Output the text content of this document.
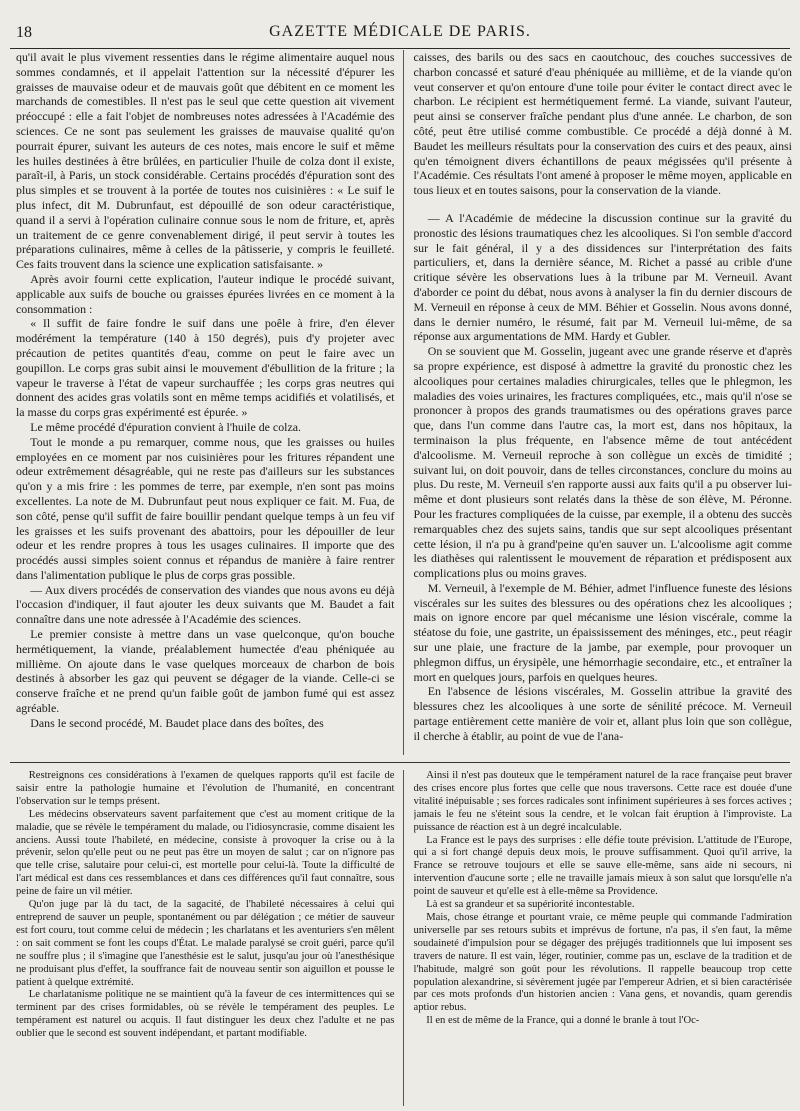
18	GAZETTE MÉDICALE DE PARIS.

qu'il avait le plus vivement ressenties dans le régime alimentaire auquel nous sommes condamnés, et il appelait l'attention sur la nécessité d'épurer les graisses de mauvaise odeur et de mauvais goût que débitent en ce moment les marchands de comestibles. Il n'est pas le seul que cette question ait vivement préoccupé : elle a fait l'objet de nombreuses notes adressées à l'Académie des sciences. Ce ne sont pas seulement les graisses de mauvaise qualité qu'on pourrait épurer, suivant les auteurs de ces notes, mais encore le suif et même les huiles destinées à être brûlées, en particulier l'huile de colza dont il existe, paraît-il, à Paris, un stock considérable. Certains procédés d'épuration sont des plus simples et se trouvent à la portée de toutes nos cuisinières : « Le suif le plus infect, dit M. Dubrunfaut, est dépouillé de son odeur caractéristique, quand il a servi à l'opération culinaire connue sous le nom de friture, et, après un traitement de ce genre convenablement dirigé, il peut servir à toutes les préparations culinaires, même à celles de la pâtisserie, y compris le feuilleté. Ces faits trouvent dans la science une explication satisfaisante. »

Après avoir fourni cette explication, l'auteur indique le procédé suivant, applicable aux suifs de bouche ou graisses épurées livrées en ce moment à la consommation :

« Il suffit de faire fondre le suif dans une poêle à frire, d'en élever modérément la température (140 à 150 degrés), puis d'y projeter avec précaution de petites quantités d'eau, comme on peut le faire avec un goupillon. Le corps gras subit ainsi le mouvement d'ébullition de la friture ; la vapeur le traverse à l'état de vapeur surchauffée ; les corps gras neutres qui donnent des acides gras volatils sont en même temps acidifiés et volatilisés, et la masse du corps gras expérimenté est épurée. »

Le même procédé d'épuration convient à l'huile de colza.

Tout le monde a pu remarquer, comme nous, que les graisses ou huiles employées en ce moment par nos cuisinières pour les fritures répandent une odeur extrêmement désagréable, qui ne reste pas d'ailleurs sur les substances qu'on y a mis frire : les pommes de terre, par exemple, n'en sont pas moins excellentes. La note de M. Dubrunfaut peut nous expliquer ce fait. M. Fua, de son côté, pense qu'il suffit de faire bouillir pendant quelque temps à un feu vif les graisses et les suifs provenant des abattoirs, pour les dépouiller de leur odeur et les rendre propres à tous les usages culinaires. Il importe que des procédés aussi simples soient connus et répandus de manière à faire rentrer dans l'alimentation publique le plus de corps gras possible.

— Aux divers procédés de conservation des viandes que nous avons eu déjà l'occasion d'indiquer, il faut ajouter les deux suivants que M. Baudet a fait connaître dans une note adressée à l'Académie des sciences.

Le premier consiste à mettre dans un vase quelconque, qu'on bouche hermétiquement, la viande, préalablement humectée d'eau phéniquée au millième. On ajoute dans le vase quelques morceaux de charbon de bois destinés à absorber les gaz qui peuvent se dégager de la viande. Celle-ci se conserve fraîche et ne prend qu'un faible goût de jambon fumé qui est assez agréable.

Dans le second procédé, M. Baudet place dans des boîtes, des

caisses, des barils ou des sacs en caoutchouc, des couches successives de charbon concassé et saturé d'eau phéniquée au millième, et de la viande qu'on veut conserver et qu'on entoure d'une toile pour éviter le contact direct avec le charbon. Le récipient est hermétiquement fermé. La viande, suivant l'auteur, peut ainsi se conserver fraîche pendant plus d'une année. Le charbon, de son côté, peut être utilisé comme combustible. Ce procédé a déjà donné à M. Baudet les meilleurs résultats pour la conservation des cuirs et des peaux, ainsi qu'en témoignent divers échantillons de peaux mégissées qu'il présente à l'Académie. Ces résultats l'ont amené à proposer le même moyen, applicable en tous lieux et en toutes saisons, pour la conservation de la viande.

— A l'Académie de médecine la discussion continue sur la gravité du pronostic des lésions traumatiques chez les alcooliques. Si l'on semble d'accord sur le fait général, il y a des dissidences sur l'interprétation des faits particuliers, et, dans la dernière séance, M. Richet a passé au crible d'une critique sévère les observations lues à la tribune par M. Verneuil. Avant d'aborder ce point du débat, nous avons à analyser la fin du dernier discours de M. Verneuil en réponse à ceux de MM. Béhier et Gosselin. Nous avons donné, dans le dernier numéro, le résumé, fait par M. Verneuil lui-même, de sa réponse aux argumentations de MM. Hardy et Gubler.

On se souvient que M. Gosselin, jugeant avec une grande réserve et d'après sa propre expérience, est disposé à admettre la gravité du pronostic chez les alcooliques pour certaines maladies chirurgicales, telles que le phlegmon, les maladies des voies urinaires, les fractures compliquées, etc., mais qu'il n'ose se prononcer à propos des grands traumatismes ou des opérations graves parce que, dans l'un comme dans l'autre cas, la mort est, dans nos hôpitaux, la terminaison la plus fréquente, en l'absence même de tout antécédent d'alcoolisme. M. Verneuil reproche à son collègue un excès de timidité ; suivant lui, on doit pouvoir, dans de telles circonstances, conclure du moins au plus. Du reste, M. Verneuil s'en rapporte aussi aux faits qu'il a pu observer lui-même et dont plusieurs sont relatés dans la thèse de son élève, M. Péronne. Pour les fractures compliquées de la cuisse, par exemple, il a obtenu des succès remarquables chez des sujets sains, tandis que sur sept alcooliques présentant cette lésion, il n'a pu à grand'peine qu'en sauver un. L'alcoolisme agit comme les diathèses qui ralentissent le mouvement de réparation et prédisposent aux complications plus ou moins graves.

M. Verneuil, à l'exemple de M. Béhier, admet l'influence funeste des lésions viscérales sur les suites des blessures ou des opérations chez les alcooliques ; mais on ignore encore par quel mécanisme une lésion viscérale, comme la stéatose du foie, une gastrite, un épaississement des méninges, etc., peut réagir sur une plaie, une fracture de la jambe, par exemple, pour provoquer un phlegmon diffus, un érysipèle, une hémorrhagie secondaire, etc., et entraîner la mort en quelques jours, parfois en quelques heures.

En l'absence de lésions viscérales, M. Gosselin attribue la gravité des blessures chez les alcooliques à une sorte de sénilité précoce. M. Verneuil partage entièrement cette manière de voir et, allant plus loin que son collègue, il cherche à établir, au point de vue de l'ana-

Restreignons ces considérations à l'examen de quelques rapports qu'il est facile de saisir entre la pathologie humaine et l'évolution de l'humanité, en concentrant l'observation sur le temps présent.

Les médecins observateurs savent parfaitement que c'est au moment critique de la maladie, que se révèle le tempérament du malade, ou l'idiosyncrasie, comme disaient les anciens. Aussi toute l'habileté, en médecine, consiste à provoquer la crise ou à la prévenir, selon qu'elle peut ou ne peut pas être un moyen de salut ; car on n'ignore pas que telle crise, salutaire pour celui-ci, est mortelle pour celui-là. Toute la difficulté de l'art médical est dans ces ressemblances et dans ces différences qu'il faut connaître, sous peine de faire un vil métier.

Qu'on juge par là du tact, de la sagacité, de l'habileté nécessaires à celui qui entreprend de sauver un peuple, spontanément ou par délégation ; ce métier de sauveur est fort couru, tout comme celui de médecin ; les charlatans et les aventuriers s'en mêlent : on sait comment se font les coups d'État. Le malade paralysé se croit guéri, parce qu'il ne souffre plus ; il s'imagine que l'anesthésie est le salut, jusqu'au jour où l'anesthésique ne produisant plus d'effet, la souffrance fait de nouveau sentir son aiguillon et pousse le patient à quelque extrémité.

Le charlatanisme politique ne se maintient qu'à la faveur de ces intermittences qui se terminent par des crises formidables, où se révèle le tempérament des peuples. Le tempérament est naturel ou acquis. Il faut distinguer les deux chez l'adulte et ne pas oublier que le second est souvent indépendant, et partant modifiable.

Ainsi il n'est pas douteux que le tempérament naturel de la race française peut braver des crises encore plus fortes que celle que nous traversons. Cette race est douée d'une vitalité inépuisable ; ses forces radicales sont infiniment supérieures à ses forces actives ; jamais le feu ne s'éteint sous la cendre, et le volcan fait éruption à l'improviste. La puissance de réaction est à un degré incalculable.

La France est le pays des surprises : elle défie toute prévision. L'attitude de l'Europe, qui a si fort changé depuis deux mois, le prouve suffisamment. Quoi qu'il arrive, la France se retrouve toujours et elle se sauve elle-même, sans aide ni secours, ni intervention d'aucune sorte ; elle ne travaille jamais mieux à son salut que lorsqu'elle n'a point de sauveur et qu'elle est à elle-même sa Providence.

Là est sa grandeur et sa supériorité incontestable.

Mais, chose étrange et pourtant vraie, ce même peuple qui commande l'admiration universelle par ses retours subits et imprévus de fortune, n'a pas, il s'en faut, la même soudaineté d'impulsion pour se dégager des préjugés traditionnels que lui imposent ses travers de nature. Il est vain, léger, routinier, comme pas un, esclave de la tradition et de l'habitude, malgré son goût pour les révolutions. Il rappelle beaucoup trop cette population alexandrine, si sévèrement jugée par l'empereur Adrien, et si bien caractérisée par ces mots profonds d'un historien ancien : Vana gens, et novandis, quam gerendis aptior rebus.

Il en est de même de la France, qui a donné le branle à tout l'Oc-
